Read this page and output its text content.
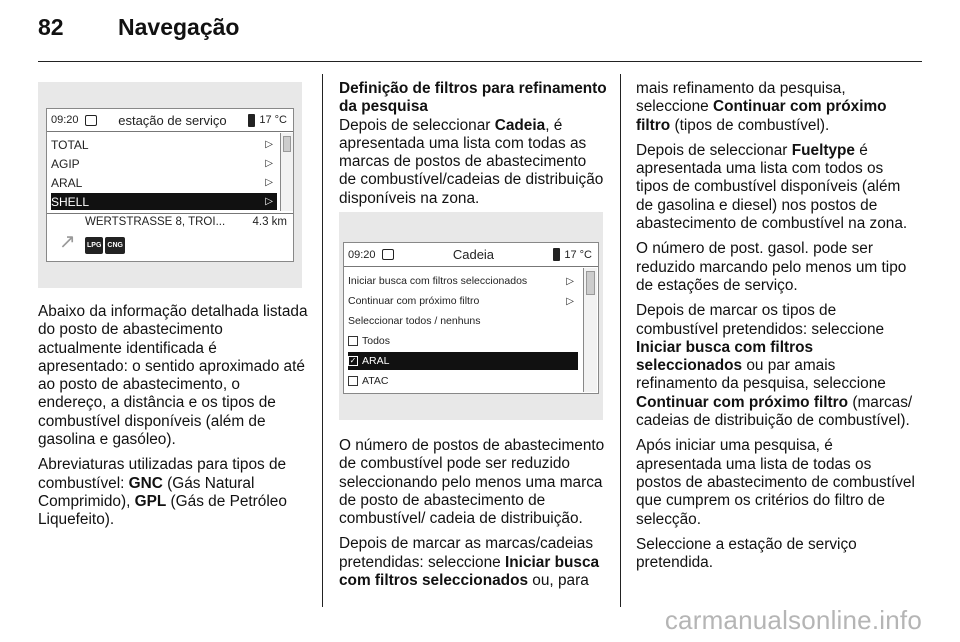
82 Navegação
09:20	estação de serviço	17 °C
TOTAL	▷
AGIP	▷
ARAL	▷
SHELL	▷
↗
WERTSTRASSE 8, TROI... 4.3 km
LPG CNG

Abaixo da informação detalhada listada do posto de abastecimento actualmente identificada é apresentado: o sentido aproximado até ao posto de abastecimento, o endereço, a distância e os tipos de combustível disponíveis (além de gasolina e gasóleo).

Abreviaturas utilizadas para tipos de combustível: GNC (Gás Natural Comprimido), GPL (Gás de Petróleo Liquefeito).

Definição de filtros para refinamento da pesquisa

Depois de seleccionar Cadeia, é apresentada uma lista com todas as marcas de postos de abastecimento de combustível/cadeias de distribuição disponíveis na zona.

09:20	Cadeia	17 °C
Iniciar busca com filtros seleccionados	▷
Continuar com próximo filtro	▷
Seleccionar todos / nenhuns
Todos
✓ ARAL
ATAC

O número de postos de abastecimento de combustível pode ser reduzido seleccionando pelo menos uma marca de posto de abastecimento de combustível/ cadeia de distribuição.

Depois de marcar as marcas/cadeias pretendidas: seleccione Iniciar busca com filtros seleccionados ou, para

mais refinamento da pesquisa, seleccione Continuar com próximo filtro (tipos de combustível).

Depois de seleccionar Fueltype é apresentada uma lista com todos os tipos de combustível disponíveis (além de gasolina e diesel) nos postos de abastecimento de combustível na zona.

O número de post. gasol. pode ser reduzido marcando pelo menos um tipo de estações de serviço.

Depois de marcar os tipos de combustível pretendidos: seleccione Iniciar busca com filtros seleccionados ou par amais refinamento da pesquisa, seleccione Continuar com próximo filtro (marcas/ cadeias de distribuição de combustível).

Após iniciar uma pesquisa, é apresentada uma lista de todas os postos de abastecimento de combustível que cumprem os critérios do filtro de selecção.

Seleccione a estação de serviço pretendida.

carmanualsonline.info
